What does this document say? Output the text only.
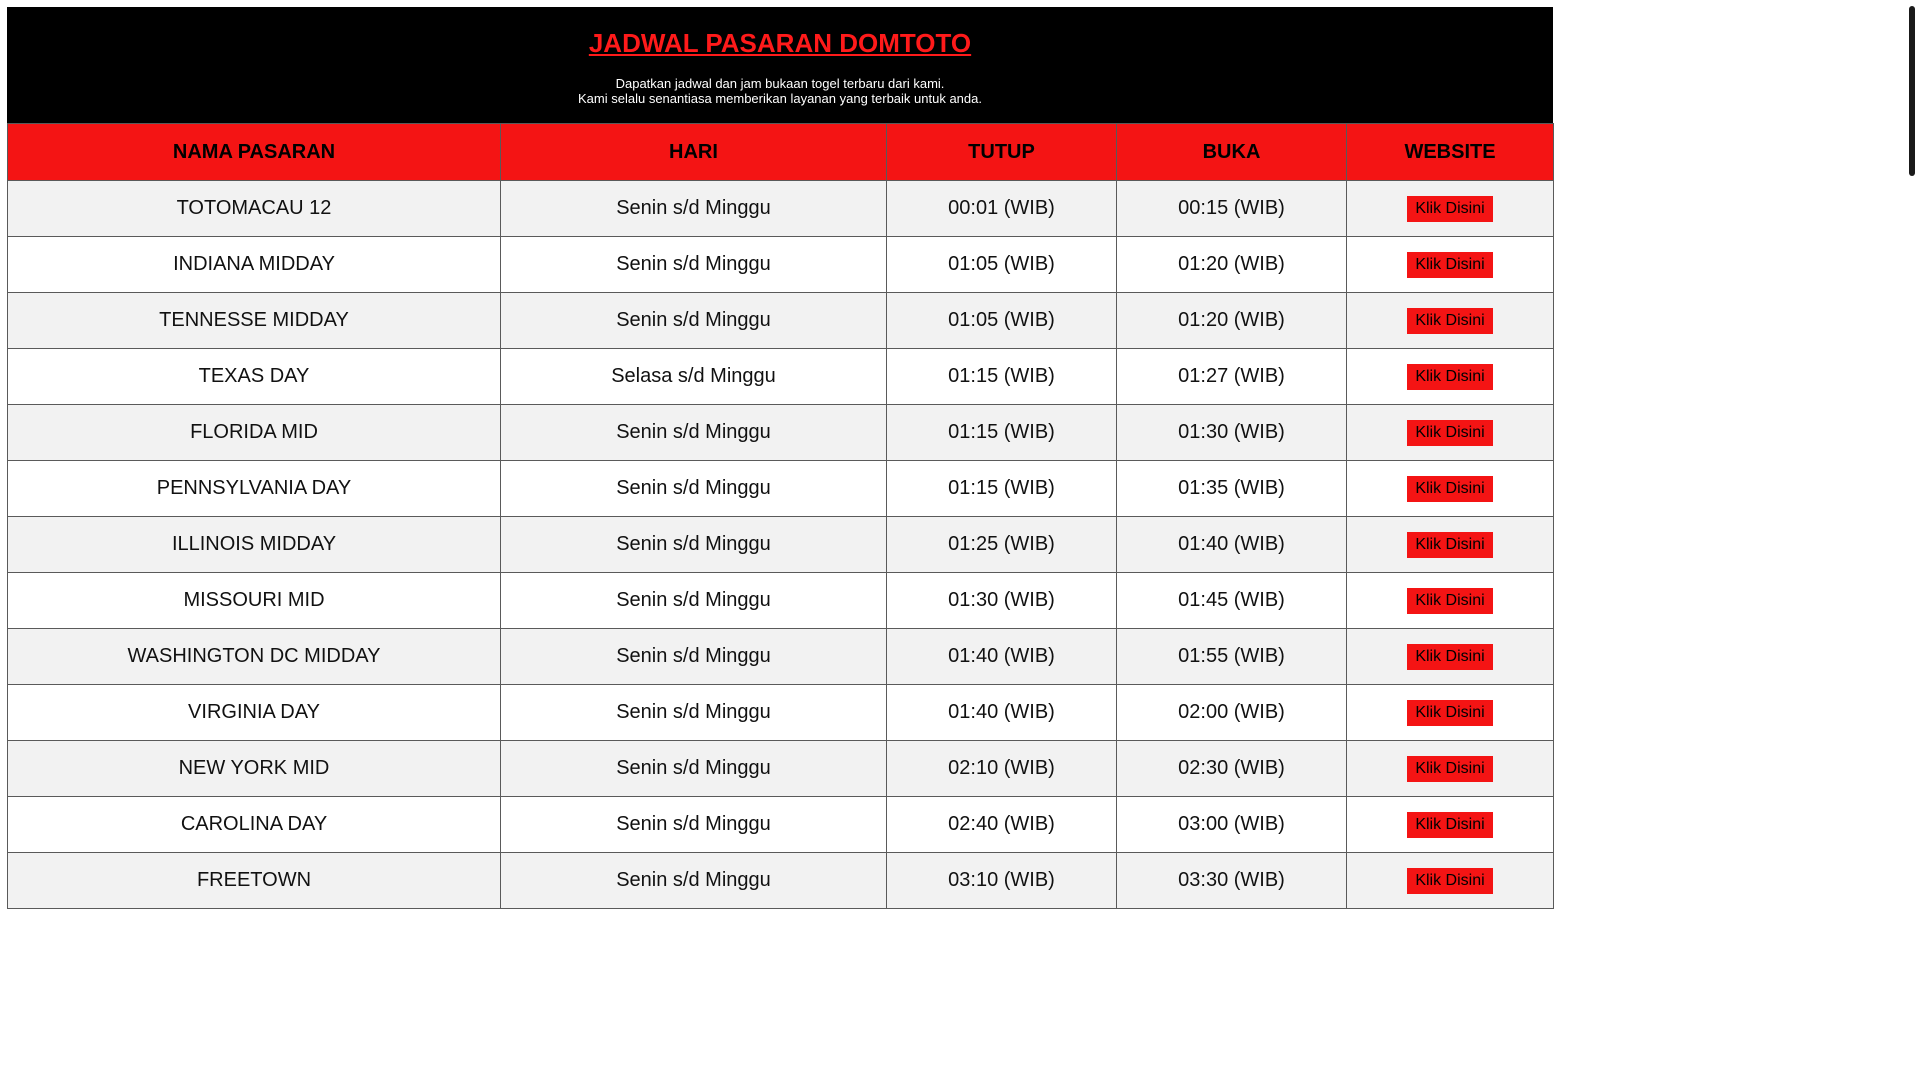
JADWAL PASARAN DOMTOTO
Dapatkan jadwal dan jam bukaan togel terbaru dari kami.
Kami selalu senantiasa memberikan layanan yang terbaik untuk anda.
NAMA PASARAN	HARI	TUTUP	BUKA	WEBSITE
TOTOMACAU 12	Senin s/d Minggu	00:01 (WIB)	00:15 (WIB)	Klik Disini
INDIANA MIDDAY	Senin s/d Minggu	01:05 (WIB)	01:20 (WIB)	Klik Disini
TENNESSE MIDDAY	Senin s/d Minggu	01:05 (WIB)	01:20 (WIB)	Klik Disini
TEXAS DAY	Selasa s/d Minggu	01:15 (WIB)	01:27 (WIB)	Klik Disini
FLORIDA MID	Senin s/d Minggu	01:15 (WIB)	01:30 (WIB)	Klik Disini
PENNSYLVANIA DAY	Senin s/d Minggu	01:15 (WIB)	01:35 (WIB)	Klik Disini
ILLINOIS MIDDAY	Senin s/d Minggu	01:25 (WIB)	01:40 (WIB)	Klik Disini
MISSOURI MID	Senin s/d Minggu	01:30 (WIB)	01:45 (WIB)	Klik Disini
WASHINGTON DC MIDDAY	Senin s/d Minggu	01:40 (WIB)	01:55 (WIB)	Klik Disini
VIRGINIA DAY	Senin s/d Minggu	01:40 (WIB)	02:00 (WIB)	Klik Disini
NEW YORK MID	Senin s/d Minggu	02:10 (WIB)	02:30 (WIB)	Klik Disini
CAROLINA DAY	Senin s/d Minggu	02:40 (WIB)	03:00 (WIB)	Klik Disini
FREETOWN	Senin s/d Minggu	03:10 (WIB)	03:30 (WIB)	Klik Disini
